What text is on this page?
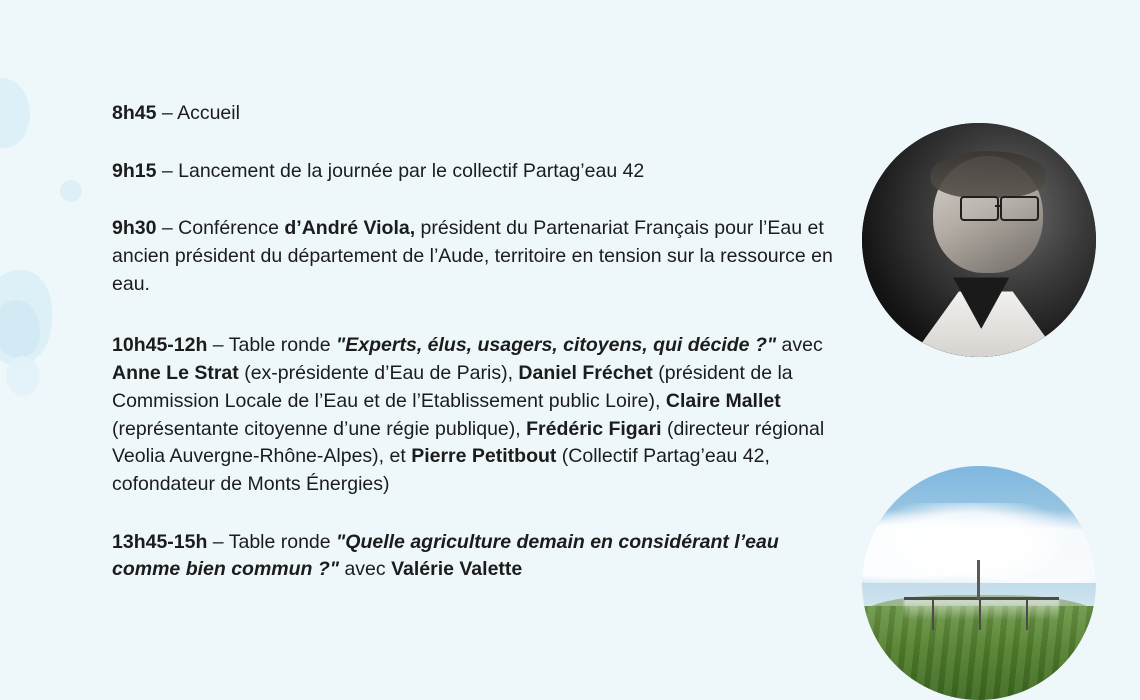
8h45 – Accueil
9h15 – Lancement de la journée par le collectif Partag’eau 42
9h30 – Conférence d’André Viola, président du Partenariat Français pour l’Eau et ancien président du département de l’Aude, territoire en tension sur la ressource en eau.
10h45-12h – Table ronde "Experts, élus, usagers, citoyens, qui décide ?" avec Anne Le Strat (ex-présidente d’Eau de Paris), Daniel Fréchet (président de la Commission Locale de l’Eau et de l’Etablissement public Loire), Claire Mallet (représentante citoyenne d’une régie publique), Frédéric Figari (directeur régional Veolia Auvergne-Rhône-Alpes), et Pierre Petitbout (Collectif Partag’eau 42, cofondateur de Monts Énergies)
13h45-15h – Table ronde "Quelle agriculture demain en considérant l’eau comme bien commun ?" avec Valérie Valette
